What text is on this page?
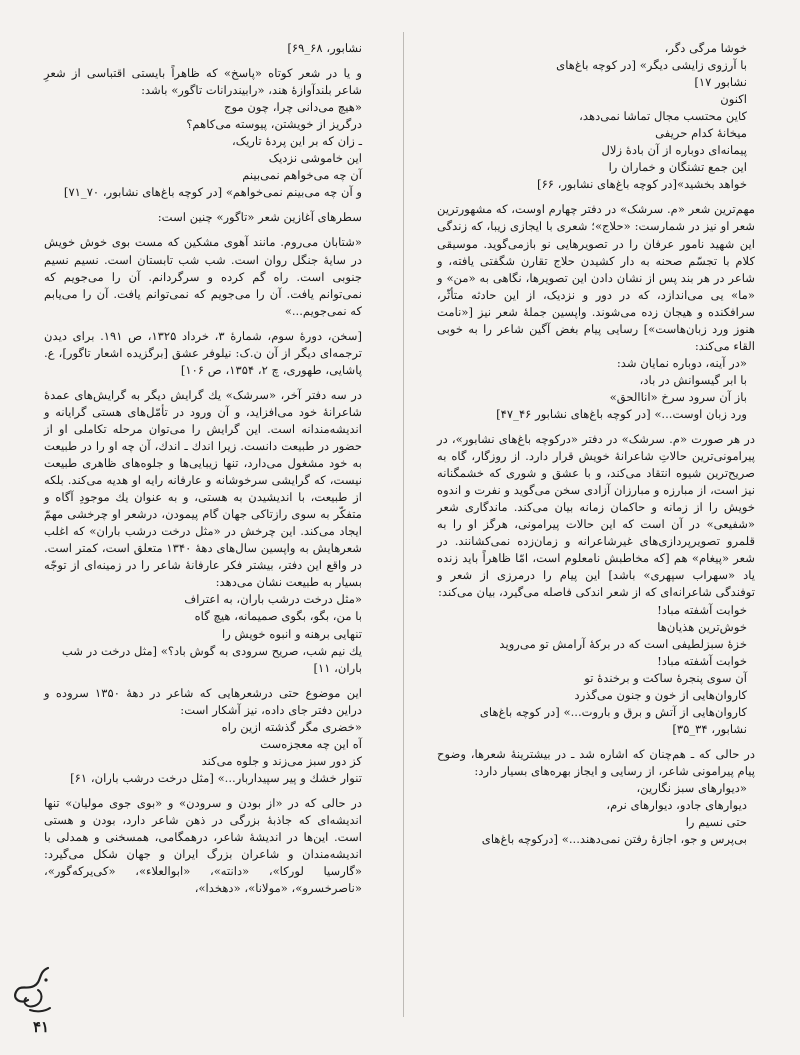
خوشا مرگی دگر،

با آرزوی زایشی دیگر» [در کوچه باغ‌های

نشابور ۱۷]

اکنون

کاین محتسب مجال تماشا نمی‌دهد،

میخانهٔ کدام حریفی

پیمانه‌ای دوباره از آن بادهٔ زلال

این جمع تشنگان و خماران را

خواهد بخشید»[در کوچه باغ‌های نشابور، ۶۶]

مهم‌ترین شعر «م. سرشک» در دفتر چهارم اوست، که مشهورترین شعر او نیز در شمارست: «حلاج»؛ شعری با ایجازی زیبا، که زندگی این شهید نامور عرفان را در تصویرهایی نو بازمی‌گوید. موسیقی کلام با تجسّم صحنه به دار کشیدن حلاج تقارن شگفتی یافته، و شاعر در هر بند پس از نشان دادن این تصویرها، نگاهی به «من» و «ما» یی می‌اندازد، که در دور و نزدیک، از این حادثه متأثّر، سرافکنده و هیجان زده می‌شوند. واپسین جملهٔ شعر نیز [«نامت هنوز ورد زبان‌هاست»] رسایی پیام بغض آگین شاعر را به خوبی القاء می‌کند:

«در آینه، دوباره نمایان شد:

با ابر گیسوانش در باد،

باز آن سرود سرخ «اناالحق»

ورد زبان اوست...» [در کوچه باغ‌های نشابور ۴۶_۴۷]

در هر صورت «م. سرشک» در دفتر «درکوچه باغ‌های نشابور»، در پیرامونی‌ترین حالاتِ شاعرانهٔ خویش قرار دارد. از روزگار، گاه به صریح‌ترین شیوه انتقاد می‌کند، و با عشق و شوری که خشمگنانه نیز است، از مبارزه و مبارزان آزادی سخن می‌گوید و نفرت و اندوه خویش را از زمانه و حاکمان زمانه بیان می‌کند. ماندگاری شعر «شفیعی» در آن است که این حالات پیرامونی، هرگز او را به قلمرو تصویرپردازی‌های غیرشاعرانه و زمان‌زده نمی‌کشانند. در شعر «پیغام» هم [که مخاطبش نامعلوم است، امّا ظاهراً باید زنده یاد «سهراب سپهری» باشد] این پیام را درمرزی از شعر و توفندگی شاعرانه‌ای که از شعر اندکی فاصله می‌گیرد، بیان می‌کند:

خوابت آشفته مباد!

خوش‌ترین هذیان‌ها

خزهٔ سبزلطیفی است که در برکهٔ آرامش تو می‌روید

خوابت آشفته مباد!

آن سوی پنجرهٔ ساکت و برخندهٔ تو

کاروان‌هایی از خون و جنون می‌گذرد

کاروان‌هایی از آتش و برق و باروت...» [در کوچه باغ‌های

نشابور، ۳۴_۳۵]

در حالی که ـ هم‌چنان که اشاره شد ـ در بیشترینهٔ شعرها، وضوح پیام پیرامونی شاعر، از رسایی و ایجاز بهره‌های بسیار دارد:

«دیوارهای سبز نگارین،

دیوارهای جادو، دیوارهای نرم،

حتی نسیم را

بی‌پرس و جو، اجازهٔ رفتن نمی‌دهند...» [درکوچه باغ‌های

نشابور، ۶۸_۶۹]

و یا در شعر کوتاه «پاسخ» که ظاهراً بایستی اقتباسی از شعرِ شاعر بلندآوازهٔ هند، «رابیندرانات تاگور» باشد:

«هیچ می‌دانی چرا، چون موج

درگریز از خویشتن، پیوسته می‌کاهم؟

ـ زان که بر این پردهٔ تاریک،

این خاموشی نزدیک

آن چه می‌خواهم نمی‌بینم

و آن چه می‌بینم نمی‌خواهم» [در کوچه باغ‌های نشابور، ۷۰_۷۱]

سطرهای آغازین شعر «تاگور» چنین است:

«شتابان می‌روم. مانند آهوی مشکین که مست بوی خوش خویش در سایهٔ جنگل روان است. شب شب تابستان است. نسیم نسیم جنوبی است. راه گم کرده و سرگردانم. آن را می‌جویم که نمی‌توانم یافت. آن را می‌جویم که نمی‌توانم یافت. آن را می‌یابم که نمی‌جویم...»

[سخن، دورهٔ سوم، شمارهٔ ۳، خرداد ۱۳۲۵، ص ۱۹۱. برای دیدن ترجمه‌ای دیگر از آن ن.ک: نیلوفر عشق [برگزیده اشعار تاگور]، ع. پاشایی، طهوری، چ ۲، ۱۳۵۴، ص ۱۰۶]

در سه دفتر آخر، «سرشک» یك گرایش دیگر به گرایش‌های عمدهٔ شاعرانهٔ خود می‌افزاید، و آن ورود در تأمّل‌های هستی گرایانه و اندیشه‌مندانه است. این گرایش را می‌توان مرحله تکاملی او از حضور در طبیعت دانست. زیرا اندك ـ اندك، آن چه او را در طبیعت به خود مشغول می‌دارد، تنها زیبایی‌ها و جلوه‌های ظاهری طبیعت نیست، که گرایشی سرخوشانه و عارفانه رایه او هدیه می‌کند. بلکه از طبیعت، با اندیشیدن به هستی، و به عنوان یك موجودِ آگاه و متفکّر به سوی رازتاکی جهان گام پیمودن، درشعر او چرخشی مهمّ ایجاد می‌کند. این چرخش در «مثل درخت درشب باران» که اغلب شعرهایش به واپسین سال‌های دههٔ ۱۳۴۰ متعلق است، کمتر است. در واقع این دفتر، بیشتر فکر عارفانهٔ شاعر را در زمینه‌ای از توجّه بسیار به طبیعت نشان می‌دهد:

«مثل درخت درشب باران، به اعتراف

با من، بگو، بگوی صمیمانه، هیچ گاه

تنهایی برهنه و انبوه خویش را

یك نیم شب، صریح سرودی به گوش باد؟» [مثل درخت در شب باران، ۱۱]

این موضوع حتی درشعرهایی که شاعر در دههٔ ۱۳۵۰ سروده و دراین دفتر جای داده، نیز آشکار است:

«خضری مگر گذشته ازین راه

آه این چه معجزه‌ست

کز دور سبز می‌زند و جلوه می‌کند

تنوار خشك و پیر سپیداربار...» [مثل درخت درشب باران، ۶۱]

در حالی که در «از بودن و سرودن» و «بوی جوی مولیان» تنها اندیشه‌ای که جاذبهٔ بزرگی در ذهن شاعر دارد، بودن و هستی است. این‌ها در اندیشهٔ شاعر، درهمگامی، همسخنی و همدلی با اندیشه‌مندان و شاعران بزرگ ایران و جهان شکل می‌گیرد: «گارسیا لورکا»، «دانته»، «ابوالعلاء»، «کی‌یرکه‌گور»، «ناصرخسرو»، «مولانا»، «دهخدا»،

۴۱
